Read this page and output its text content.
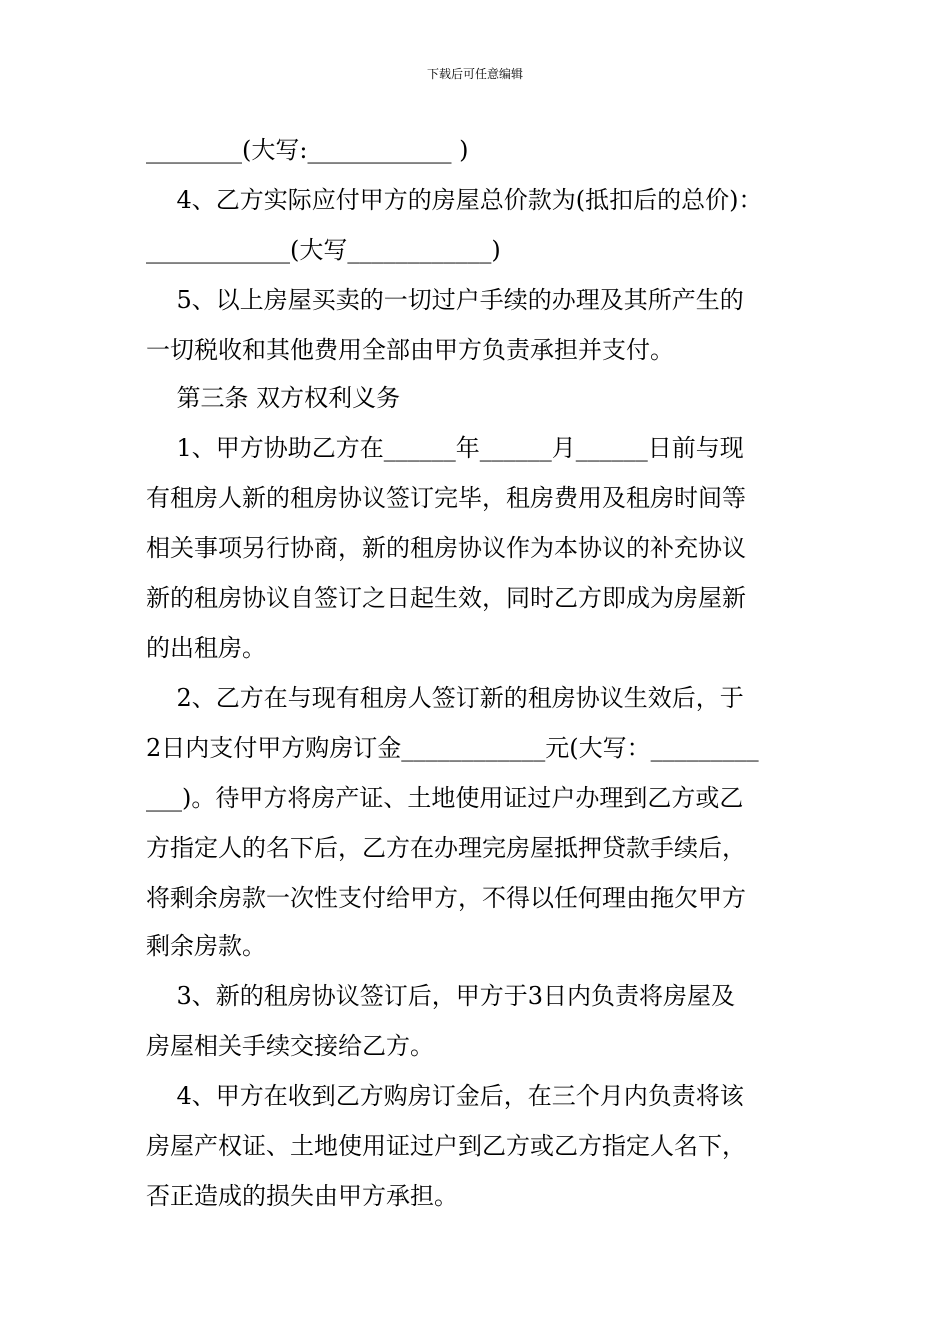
下载后可任意编辑
________(大写:____________ )
4、乙方实际应付甲方的房屋总价款为(抵扣后的总价)：
____________(大写____________)
5、以上房屋买卖的一切过户手续的办理及其所产生的
一切税收和其他费用全部由甲方负责承担并支付。
第三条 双方权利义务
1、甲方协助乙方在______年______月______日前与现
有租房人新的租房协议签订完毕，租房费用及租房时间等
相关事项另行协商，新的租房协议作为本协议的补充协议
新的租房协议自签订之日起生效，同时乙方即成为房屋新
的出租房。
2、乙方在与现有租房人签订新的租房协议生效后，于
2日内支付甲方购房订金____________元(大写：_________
___)。待甲方将房产证、土地使用证过户办理到乙方或乙
方指定人的名下后，乙方在办理完房屋抵押贷款手续后，
将剩余房款一次性支付给甲方，不得以任何理由拖欠甲方
剩余房款。
3、新的租房协议签订后，甲方于3日内负责将房屋及
房屋相关手续交接给乙方。
4、甲方在收到乙方购房订金后，在三个月内负责将该
房屋产权证、土地使用证过户到乙方或乙方指定人名下，
否正造成的损失由甲方承担。
